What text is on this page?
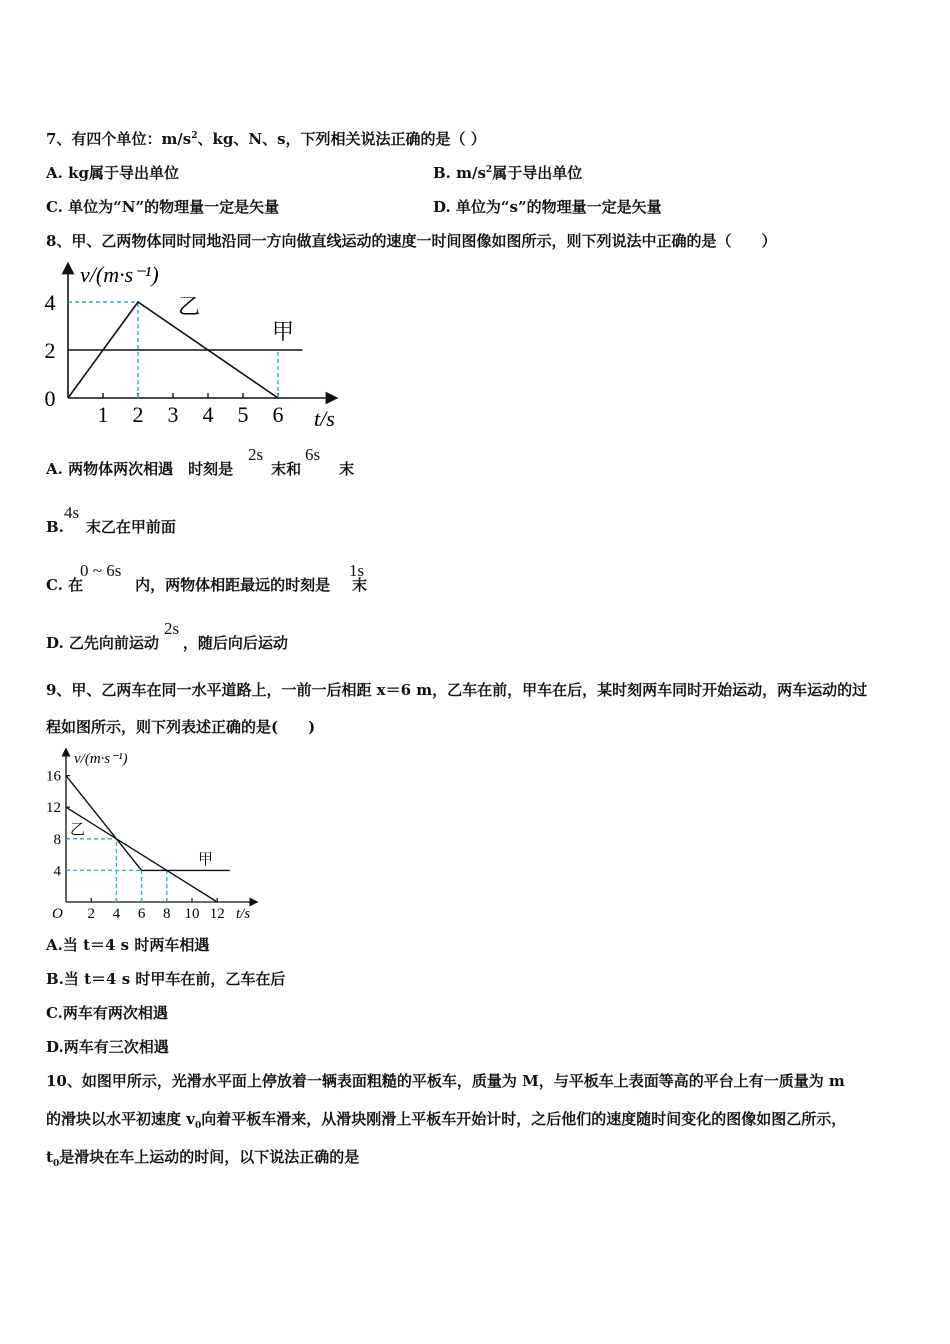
7、有四个单位：$m/s^2$、kg、N、s，下列相关说法正确的是（ ）
A. kg属于导出单位	B. $m/s^2$属于导出单位
C. 单位为“N”的物理量一定是矢量	D. 单位为“s”的物理量一定是矢量
8、甲、乙两物体同时同地沿同一方向做直线运动的速度一时间图像如图所示，则下列说法中正确的是（　　）
v/(m·s⁻¹)
t/s
0
2
4
1 2 3 4 5 6
乙
甲
A. 两物体两次相遇　时刻是	末和	末
2s 6s
B. 末乙在甲前面
4s
C. 在	内，两物体相距最远的时刻是 末
0 ~ 6s	1s
D. 乙先向前运动 ，随后向后运动
2s
9、甲、乙两车在同一水平道路上，一前一后相距 x＝6 m，乙车在前，甲车在后，某时刻两车同时开始运动，两车运动的过
程如图所示，则下列表述正确的是(　　)
v/(m·s⁻¹)
t/s
O
4
8
12
16
2 4 6 8 10 12
乙
甲
A.当 t＝4 s 时两车相遇
B.当 t＝4 s 时甲车在前，乙车在后
C.两车有两次相遇
D.两车有三次相遇
10、如图甲所示，光滑水平面上停放着一辆表面粗糙的平板车，质量为 M，与平板车上表面等高的平台上有一质量为 m
的滑块以水平初速度 $v_0$向着平板车滑来，从滑块刚滑上平板车开始计时，之后他们的速度随时间变化的图像如图乙所示，
$t_0$是滑块在车上运动的时间，以下说法正确的是
